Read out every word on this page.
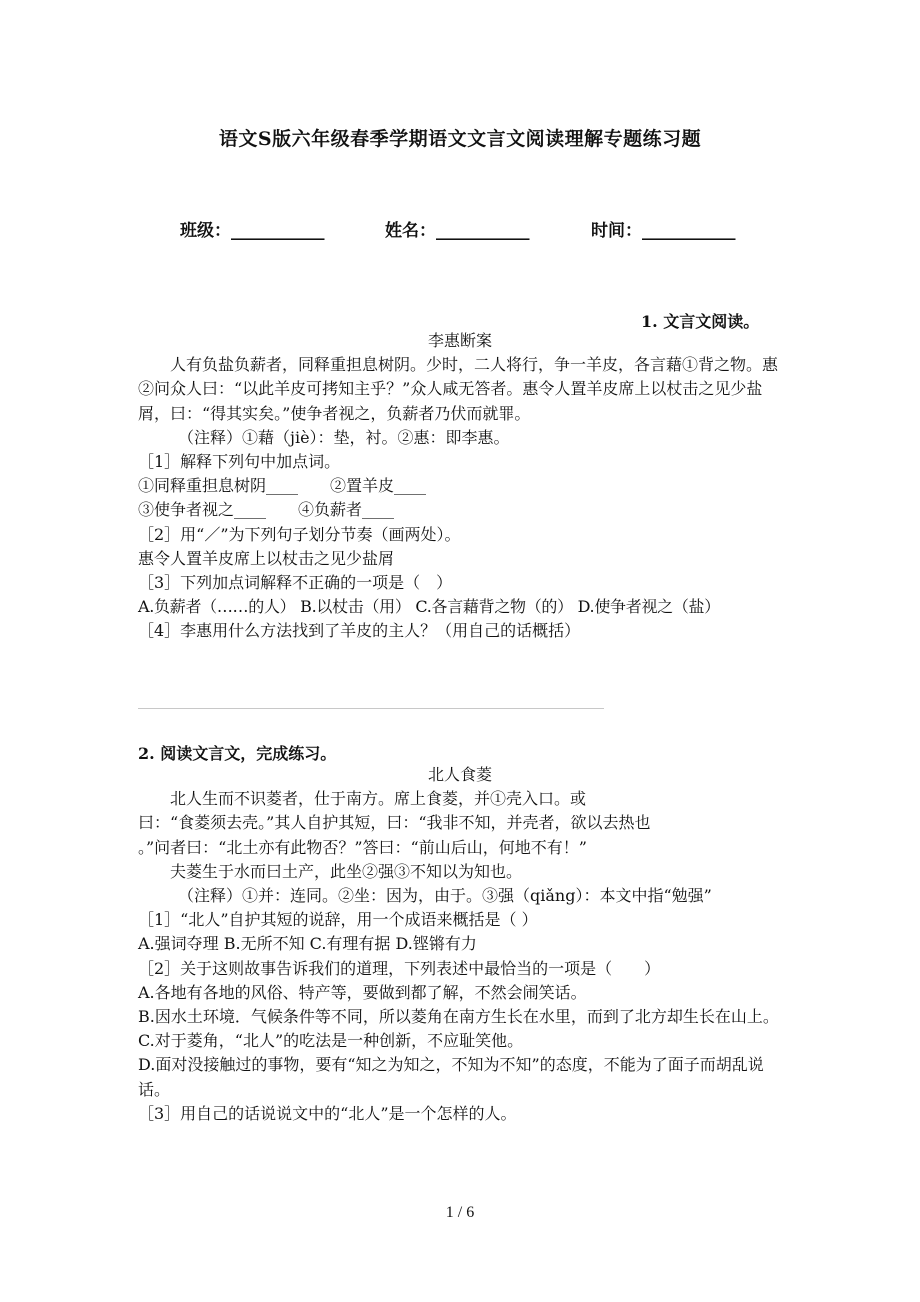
语文S版六年级春季学期语文文言文阅读理解专题练习题
班级：___________	姓名：___________	时间：___________
1. 文言文阅读。

李惠断案

人有负盐负薪者，同释重担息树阴。少时，二人将行，争一羊皮，各言藉①背之物。惠②问众人曰：“以此羊皮可拷知主乎？”众人咸无答者。惠令人置羊皮席上以杖击之见少盐屑，曰：“得其实矣。”使争者视之，负薪者乃伏而就罪。

（注释）①藉（jiè）：垫，衬。②惠：即李惠。

［1］解释下列句中加点词。

①同释重担息树阴____　　②置羊皮____

③使争者视之____　　④负薪者____

［2］用“／”为下列句子划分节奏（画两处）。

惠令人置羊皮席上以杖击之见少盐屑

［3］下列加点词解释不正确的一项是（　）

A.负薪者（……的人） B.以杖击（用） C.各言藉背之物（的） D.使争者视之（盐）

［4］李惠用什么方法找到了羊皮的主人？（用自己的话概括）

2. 阅读文言文，完成练习。

北人食菱

北人生而不识菱者，仕于南方。席上食菱，并①壳入口。或

曰：“食菱须去壳。”其人自护其短，曰：“我非不知，并壳者，欲以去热也

。”问者曰：“北土亦有此物否？”答曰：“前山后山，何地不有！”

夫菱生于水而曰土产，此坐②强③不知以为知也。

（注释）①并：连同。②坐：因为，由于。③强（qiǎng）：本文中指“勉强”

［1］“北人”自护其短的说辞，用一个成语来概括是（ ）

A.强词夺理 B.无所不知 C.有理有据 D.铿锵有力

［2］关于这则故事告诉我们的道理，下列表述中最恰当的一项是（　　）

A.各地有各地的风俗、特产等，要做到都了解，不然会闹笑话。

B.因水土环境．气候条件等不同，所以菱角在南方生长在水里，而到了北方却生长在山上。

C.对于菱角，“北人”的吃法是一种创新，不应耻笑他。

D.面对没接触过的事物，要有“知之为知之，不知为不知”的态度，不能为了面子而胡乱说话。

［3］用自己的话说说文中的“北人”是一个怎样的人。

1 / 6
